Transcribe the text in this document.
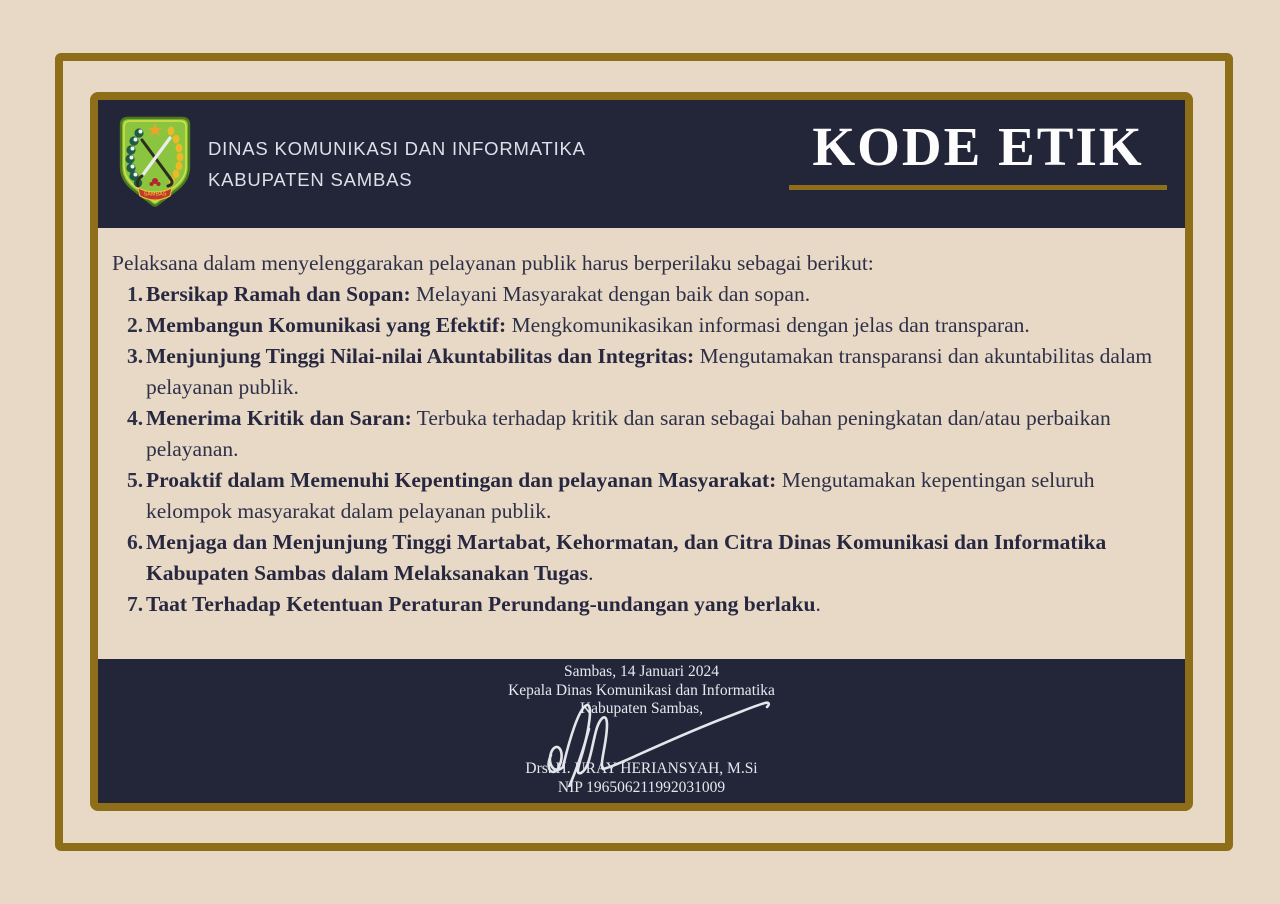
SAMBAS
DINAS KOMUNIKASI DAN INFORMATIKA
KABUPATEN SAMBAS
KODE ETIK

Pelaksana dalam menyelenggarakan pelayanan publik harus berperilaku sebagai berikut:

1. Bersikap Ramah dan Sopan: Melayani Masyarakat dengan baik dan sopan.
2. Membangun Komunikasi yang Efektif: Mengkomunikasikan informasi dengan jelas dan transparan.
3. Menjunjung Tinggi Nilai-nilai Akuntabilitas dan Integritas: Mengutamakan transparansi dan akuntabilitas dalam pelayanan publik.
4. Menerima Kritik dan Saran: Terbuka terhadap kritik dan saran sebagai bahan peningkatan dan/atau perbaikan pelayanan.
5. Proaktif dalam Memenuhi Kepentingan dan pelayanan Masyarakat: Mengutamakan kepentingan seluruh kelompok masyarakat dalam pelayanan publik.
6. Menjaga dan Menjunjung Tinggi Martabat, Kehormatan, dan Citra Dinas Komunikasi dan Informatika Kabupaten Sambas dalam Melaksanakan Tugas.
7. Taat Terhadap Ketentuan Peraturan Perundang-undangan yang berlaku.
Sambas, 14 Januari 2024
Kepala Dinas Komunikasi dan Informatika
Kabupaten Sambas,
Drs. H. URAY HERIANSYAH, M.Si
NIP 196506211992031009
